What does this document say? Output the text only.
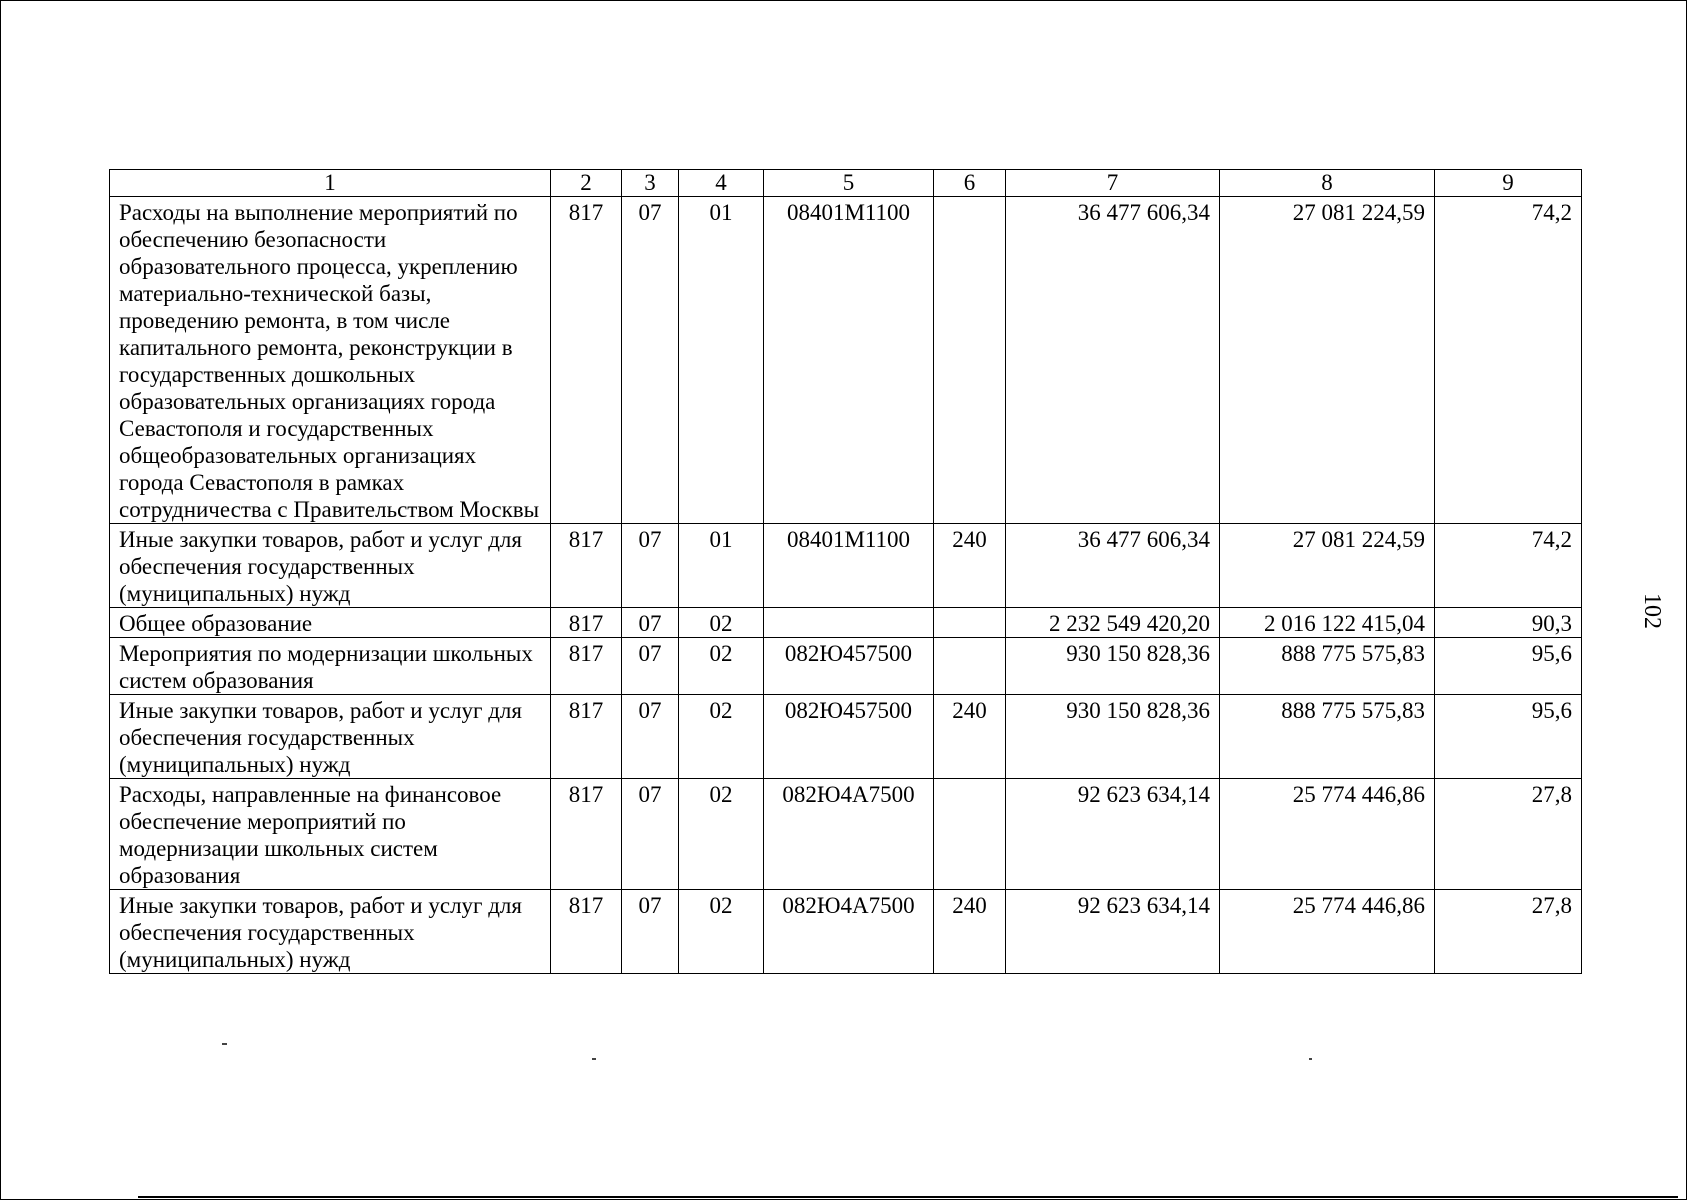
1	2	3	4	5	6	7	8	9
Расходы на выполнение мероприятий по обеспечению безопасности образовательного процесса, укреплению материально-технической базы, проведению ремонта, в том числе капитального ремонта, реконструкции в государственных дошкольных образовательных организациях города Севастополя и государственных общеобразовательных организациях города Севастополя в рамках сотрудничества с Правительством Москвы	817	07	01	08401М1100		36 477 606,34	27 081 224,59	74,2
Иные закупки товаров, работ и услуг для обеспечения государственных (муниципальных) нужд	817	07	01	08401М1100	240	36 477 606,34	27 081 224,59	74,2
Общее образование	817	07	02			2 232 549 420,20	2 016 122 415,04	90,3
Мероприятия по модернизации школьных систем образования	817	07	02	082Ю457500		930 150 828,36	888 775 575,83	95,6
Иные закупки товаров, работ и услуг для обеспечения государственных (муниципальных) нужд	817	07	02	082Ю457500	240	930 150 828,36	888 775 575,83	95,6
Расходы, направленные на финансовое обеспечение мероприятий по модернизации школьных систем образования	817	07	02	082Ю4А7500		92 623 634,14	25 774 446,86	27,8
Иные закупки товаров, работ и услуг для обеспечения государственных (муниципальных) нужд	817	07	02	082Ю4А7500	240	92 623 634,14	25 774 446,86	27,8
102
